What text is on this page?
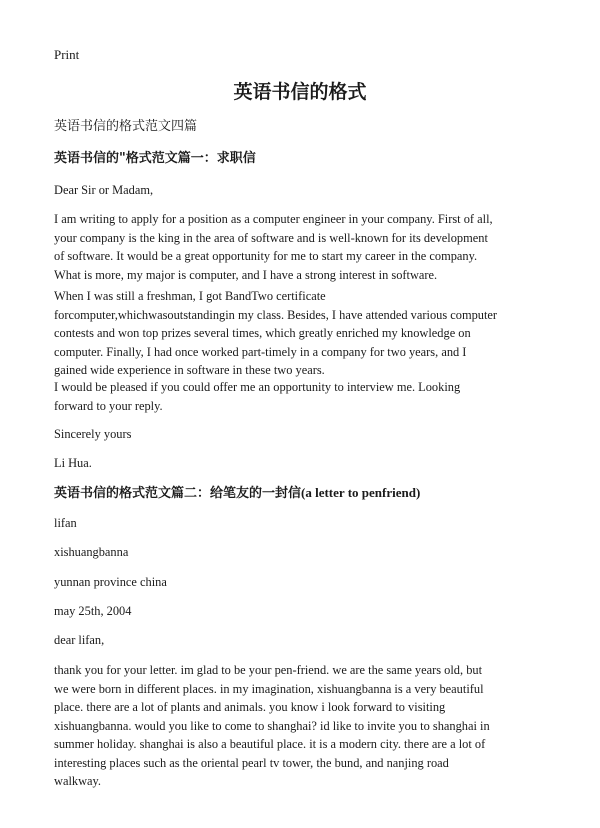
Print
英语书信的格式
英语书信的格式范文四篇
英语书信的"格式范文篇一：求职信
Dear Sir or Madam,
I am writing to apply for a position as a computer engineer in your company. First of all,
your company is the king in the area of software and is well-known for its development
of software. It would be a great opportunity for me to start my career in the company.
What is more, my major is computer, and I have a strong interest in software.
When I was still a freshman, I got BandTwo certificate
forcomputer,whichwasoutstandingin my class. Besides, I have attended various computer
contests and won top prizes several times, which greatly enriched my knowledge on
computer. Finally, I had once worked part-timely in a company for two years, and I
gained wide experience in software in these two years.
I would be pleased if you could offer me an opportunity to interview me. Looking
forward to your reply.
Sincerely yours
Li Hua.
英语书信的格式范文篇二：给笔友的一封信(a letter to penfriend)
lifan
xishuangbanna
yunnan province china
may 25th, 2004
dear lifan,
thank you for your letter. im glad to be your pen-friend. we are the same years old, but
we were born in different places. in my imagination, xishuangbanna is a very beautiful
place. there are a lot of plants and animals. you know i look forward to visiting
xishuangbanna. would you like to come to shanghai? id like to invite you to shanghai in
summer holiday. shanghai is also a beautiful place. it is a modern city. there are a lot of
interesting places such as the oriental pearl tv tower, the bund, and nanjing road
walkway.
